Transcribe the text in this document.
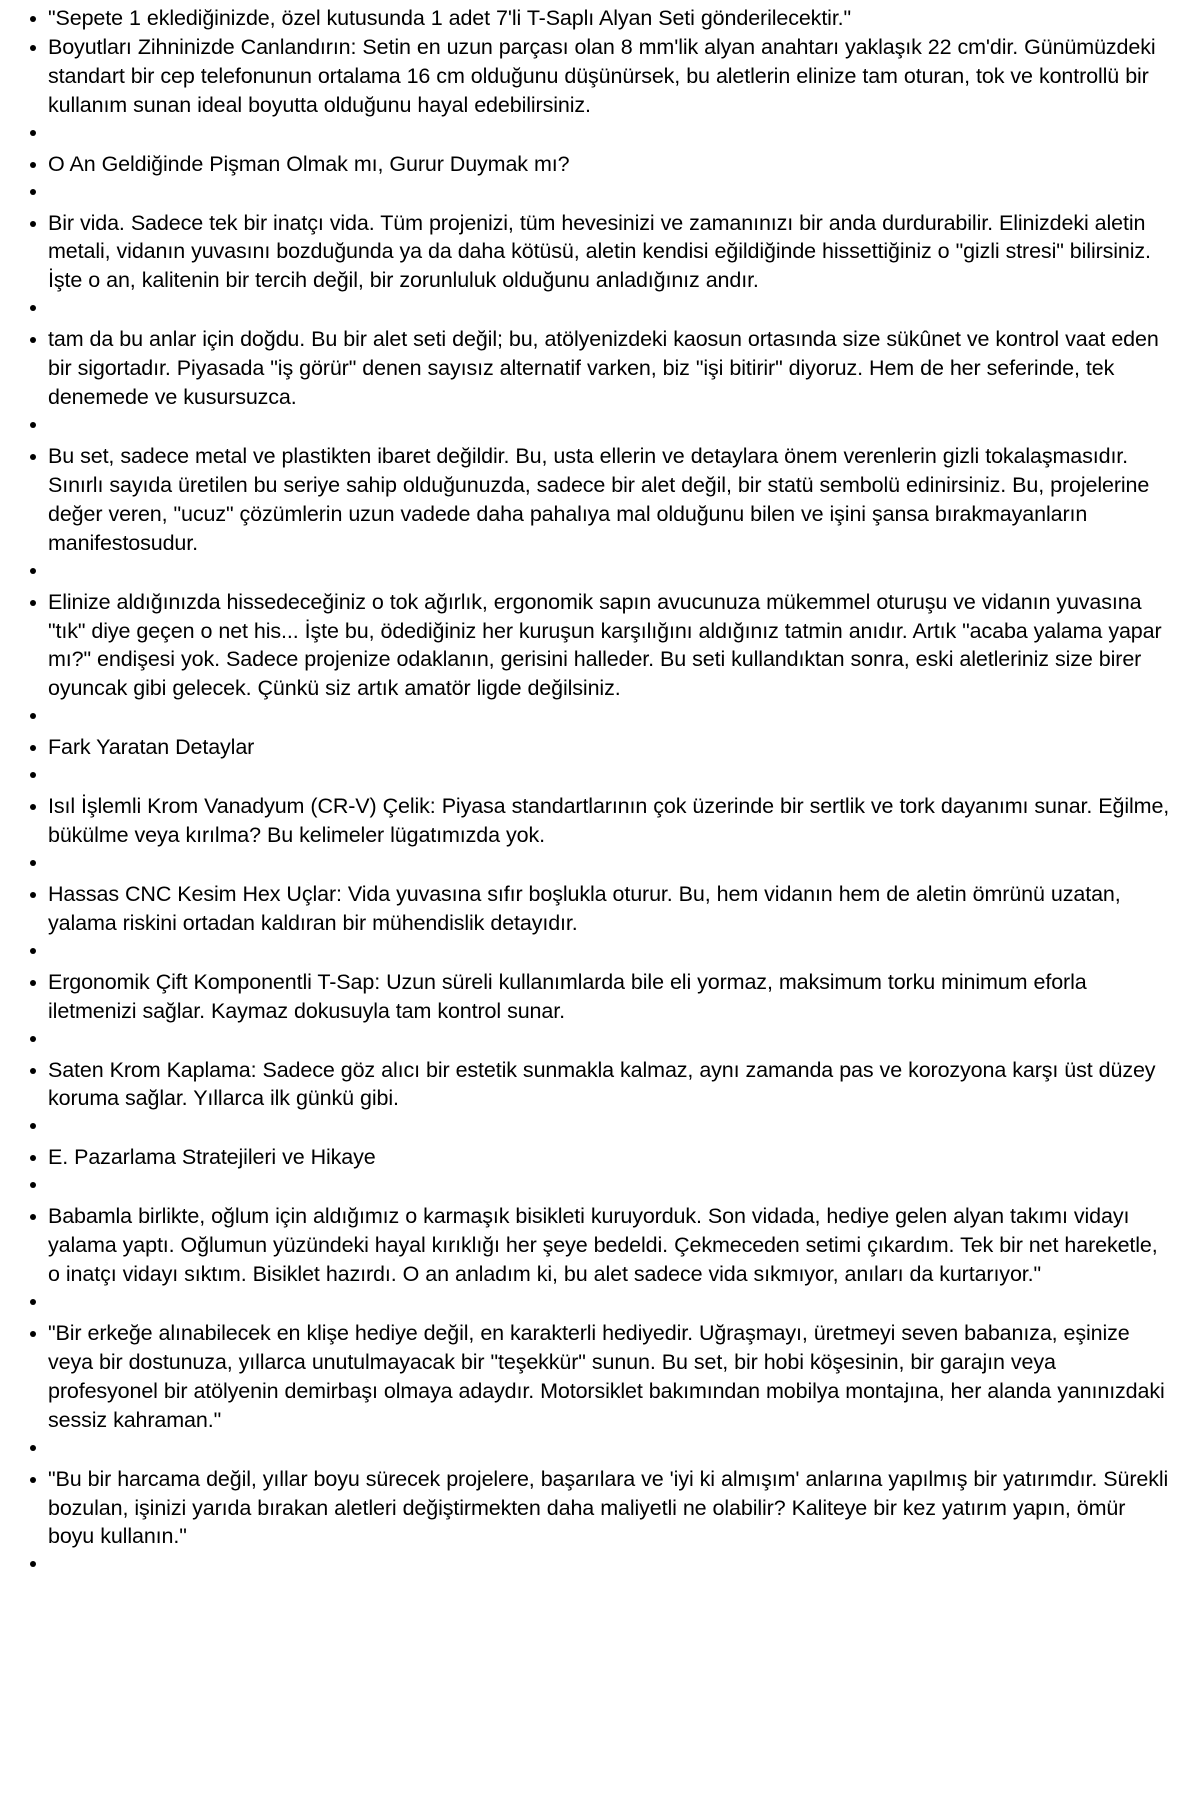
"Sepete 1 eklediğinizde, özel kutusunda 1 adet 7'li T-Saplı Alyan Seti gönderilecektir."
Boyutları Zihninizde Canlandırın: Setin en uzun parçası olan 8 mm'lik alyan anahtarı yaklaşık 22 cm'dir. Günümüzdeki standart bir cep telefonunun ortalama 16 cm olduğunu düşünürsek, bu aletlerin elinize tam oturan, tok ve kontrollü bir kullanım sunan ideal boyutta olduğunu hayal edebilirsiniz.
O An Geldiğinde Pişman Olmak mı, Gurur Duymak mı?
Bir vida. Sadece tek bir inatçı vida. Tüm projenizi, tüm hevesinizi ve zamanınızı bir anda durdurabilir. Elinizdeki aletin metali, vidanın yuvasını bozduğunda ya da daha kötüsü, aletin kendisi eğildiğinde hissettiğiniz o "gizli stresi" bilirsiniz. İşte o an, kalitenin bir tercih değil, bir zorunluluk olduğunu anladığınız andır.
tam da bu anlar için doğdu. Bu bir alet seti değil; bu, atölyenizdeki kaosun ortasında size sükûnet ve kontrol vaat eden bir sigortadır. Piyasada "iş görür" denen sayısız alternatif varken, biz "işi bitirir" diyoruz. Hem de her seferinde, tek denemede ve kusursuzca.
Bu set, sadece metal ve plastikten ibaret değildir. Bu, usta ellerin ve detaylara önem verenlerin gizli tokalaşmasıdır. Sınırlı sayıda üretilen bu seriye sahip olduğunuzda, sadece bir alet değil, bir statü sembolü edinirsiniz. Bu, projelerine değer veren, "ucuz" çözümlerin uzun vadede daha pahalıya mal olduğunu bilen ve işini şansa bırakmayanların manifestosudur.
Elinize aldığınızda hissedeceğiniz o tok ağırlık, ergonomik sapın avucunuza mükemmel oturuşu ve vidanın yuvasına "tık" diye geçen o net his... İşte bu, ödediğiniz her kuruşun karşılığını aldığınız tatmin anıdır. Artık "acaba yalama yapar mı?" endişesi yok. Sadece projenize odaklanın, gerisini halleder. Bu seti kullandıktan sonra, eski aletleriniz size birer oyuncak gibi gelecek. Çünkü siz artık amatör ligde değilsiniz.
Fark Yaratan Detaylar
Isıl İşlemli Krom Vanadyum (CR-V) Çelik: Piyasa standartlarının çok üzerinde bir sertlik ve tork dayanımı sunar. Eğilme, bükülme veya kırılma? Bu kelimeler lügatımızda yok.
Hassas CNC Kesim Hex Uçlar: Vida yuvasına sıfır boşlukla oturur. Bu, hem vidanın hem de aletin ömrünü uzatan, yalama riskini ortadan kaldıran bir mühendislik detayıdır.
Ergonomik Çift Komponentli T-Sap: Uzun süreli kullanımlarda bile eli yormaz, maksimum torku minimum eforla iletmenizi sağlar. Kaymaz dokusuyla tam kontrol sunar.
Saten Krom Kaplama: Sadece göz alıcı bir estetik sunmakla kalmaz, aynı zamanda pas ve korozyona karşı üst düzey koruma sağlar. Yıllarca ilk günkü gibi.
E. Pazarlama Stratejileri ve Hikaye
Babamla birlikte, oğlum için aldığımız o karmaşık bisikleti kuruyorduk. Son vidada, hediye gelen alyan takımı vidayı yalama yaptı. Oğlumun yüzündeki hayal kırıklığı her şeye bedeldi. Çekmeceden setimi çıkardım. Tek bir net hareketle, o inatçı vidayı sıktım. Bisiklet hazırdı. O an anladım ki, bu alet sadece vida sıkmıyor, anıları da kurtarıyor."
"Bir erkeğe alınabilecek en klişe hediye değil, en karakterli hediyedir. Uğraşmayı, üretmeyi seven babanıza, eşinize veya bir dostunuza, yıllarca unutulmayacak bir "teşekkür" sunun. Bu set, bir hobi köşesinin, bir garajın veya profesyonel bir atölyenin demirbaşı olmaya adaydır. Motorsiklet bakımından mobilya montajına, her alanda yanınızdaki sessiz kahraman."
"Bu bir harcama değil, yıllar boyu sürecek projelere, başarılara ve 'iyi ki almışım' anlarına yapılmış bir yatırımdır. Sürekli bozulan, işinizi yarıda bırakan aletleri değiştirmekten daha maliyetli ne olabilir? Kaliteye bir kez yatırım yapın, ömür boyu kullanın."
